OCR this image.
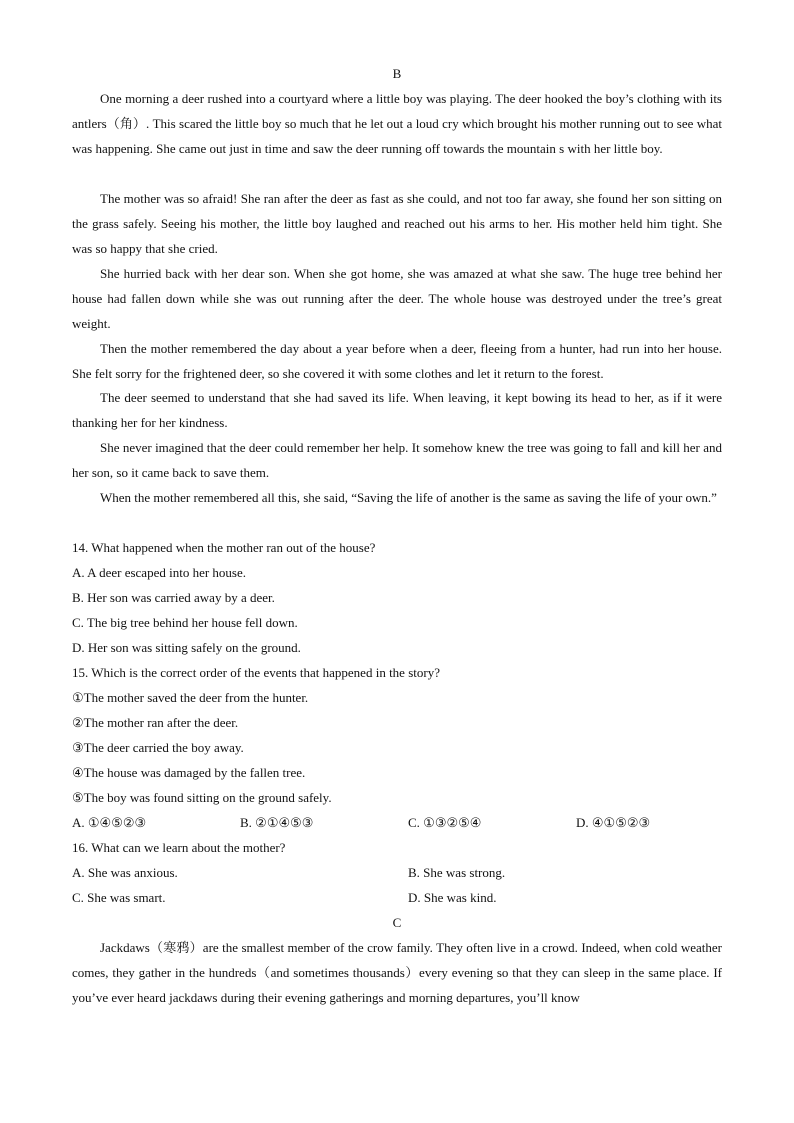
B

One morning a deer rushed into a courtyard where a little boy was playing. The deer hooked the boy’s clothing with its antlers（角）. This scared the little boy so much that he let out a loud cry which brought his mother running out to see what was happening. She came out just in time and saw the deer running off towards the mountain s with her little boy.

The mother was so afraid! She ran after the deer as fast as she could, and not too far away, she found her son sitting on the grass safely. Seeing his mother, the little boy laughed and reached out his arms to her. His mother held him tight. She was so happy that she cried.

She hurried back with her dear son. When she got home, she was amazed at what she saw. The huge tree behind her house had fallen down while she was out running after the deer. The whole house was destroyed under the tree’s great weight.

Then the mother remembered the day about a year before when a deer, fleeing from a hunter, had run into her house. She felt sorry for the frightened deer, so she covered it with some clothes and let it return to the forest.

The deer seemed to understand that she had saved its life. When leaving, it kept bowing its head to her, as if it were thanking her for her kindness.

She never imagined that the deer could remember her help. It somehow knew the tree was going to fall and kill her and her son, so it came back to save them.

When the mother remembered all this, she said, “Saving the life of another is the same as saving the life of your own.”

14. What happened when the mother ran out of the house?
A. A deer escaped into her house.
B. Her son was carried away by a deer.
C. The big tree behind her house fell down.
D. Her son was sitting safely on the ground.
15. Which is the correct order of the events that happened in the story?
①The mother saved the deer from the hunter.
②The mother ran after the deer.
③The deer carried the boy away.
④The house was damaged by the fallen tree.
⑤The boy was found sitting on the ground safely.
A. ①④⑤②③	B. ②①④⑤③	C. ①③②⑤④	D. ④①⑤②③
16. What can we learn about the mother?
A. She was anxious.	B. She was strong.
C. She was smart.	D. She was kind.
C

Jackdaws（寒鸦）are the smallest member of the crow family. They often live in a crowd. Indeed, when cold weather comes, they gather in the hundreds（and sometimes thousands）every evening so that they can sleep in the same place. If you’ve ever heard jackdaws during their evening gatherings and morning departures, you’ll know
